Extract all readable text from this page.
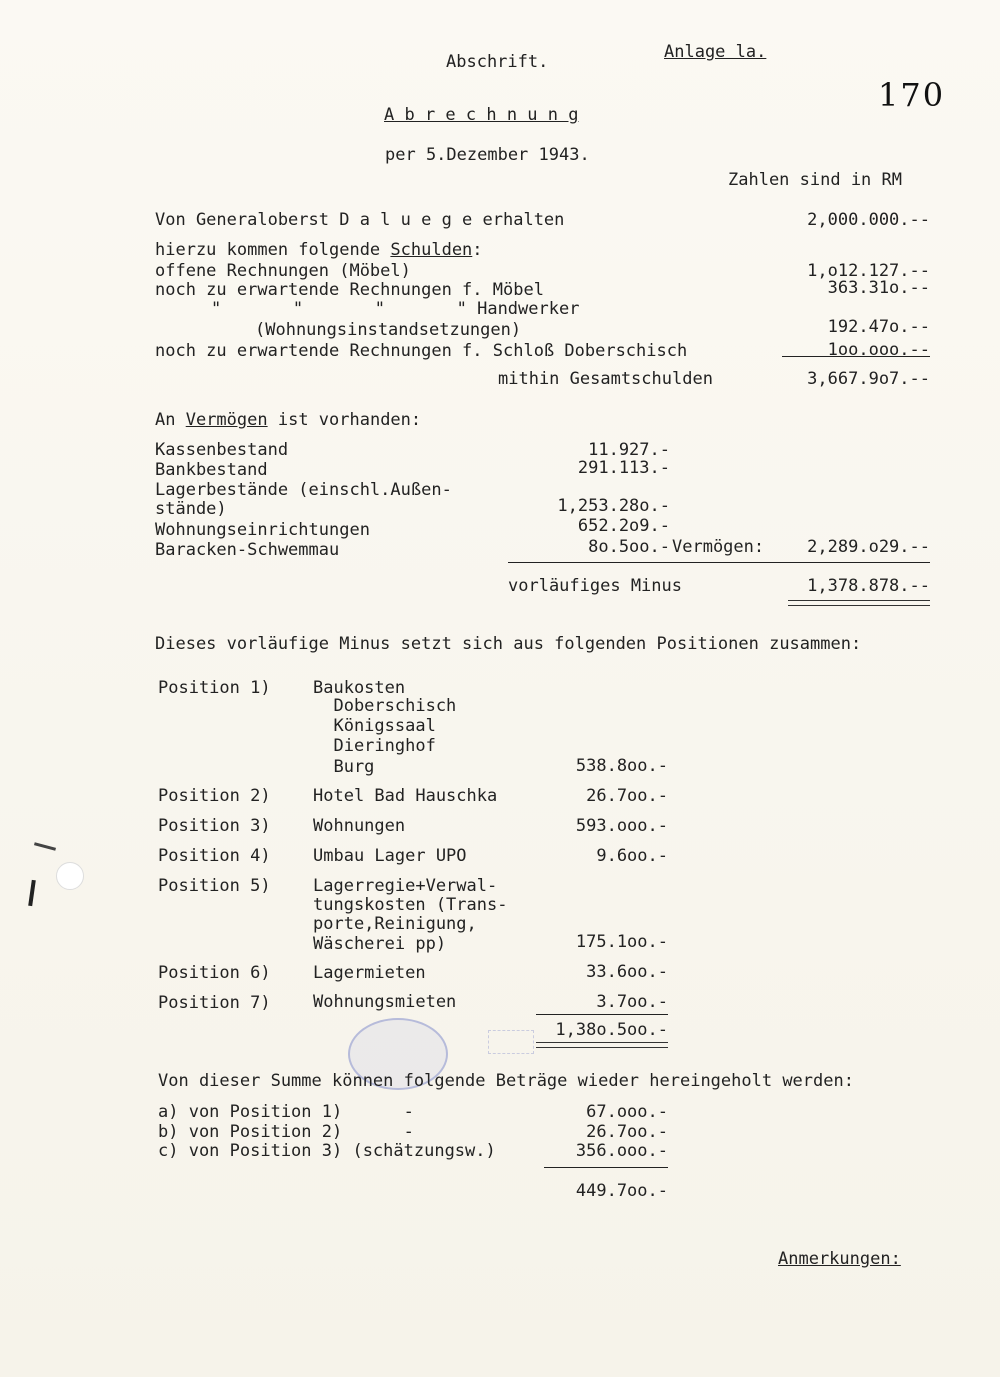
Abschrift.	Anlage la.
170
A b r e c h n u n g
per 5.Dezember 1943.
Zahlen sind in RM
Von Generaloberst D a l u e g e erhalten	2,000.000.--
hierzu kommen folgende Schulden:
offene Rechnungen (Möbel)	1,o12.127.--
noch zu erwartende Rechnungen f. Möbel	363.31o.--
"       "       "       " Handwerker
(Wohnungsinstandsetzungen)	192.47o.--
noch zu erwartende Rechnungen f. Schloß Doberschisch	1oo.ooo.--
mithin Gesamtschulden	3,667.9o7.--
An Vermögen ist vorhanden:
Kassenbestand	11.927.-
Bankbestand	291.113.-
Lagerbestände (einschl.Außen-
stände)	1,253.28o.-
Wohnungseinrichtungen	652.2o9.-
Baracken-Schwemmau	8o.5oo.- Vermögen:	2,289.o29.--
vorläufiges Minus	1,378.878.--
Dieses vorläufige Minus setzt sich aus folgenden Positionen zusammen:
Position 1) Baukosten
Doberschisch
Königssaal
Dieringhof
Burg	538.8oo.-
Position 2) Hotel Bad Hauschka	26.7oo.-
Position 3) Wohnungen	593.ooo.-
Position 4) Umbau Lager UPO	9.6oo.-
Position 5) Lagerregie+Verwal-
tungskosten (Trans-
porte,Reinigung,
Wäscherei pp)	175.1oo.-
Position 6) Lagermieten	33.6oo.-
Position 7) Wohnungsmieten	3.7oo.-
1,38o.5oo.-
Von dieser Summe können folgende Beträge wieder hereingeholt werden:
a) von Position 1)      -	67.ooo.-
b) von Position 2)      -	26.7oo.-
c) von Position 3) (schätzungsw.)	356.ooo.-
449.7oo.-
Anmerkungen:
